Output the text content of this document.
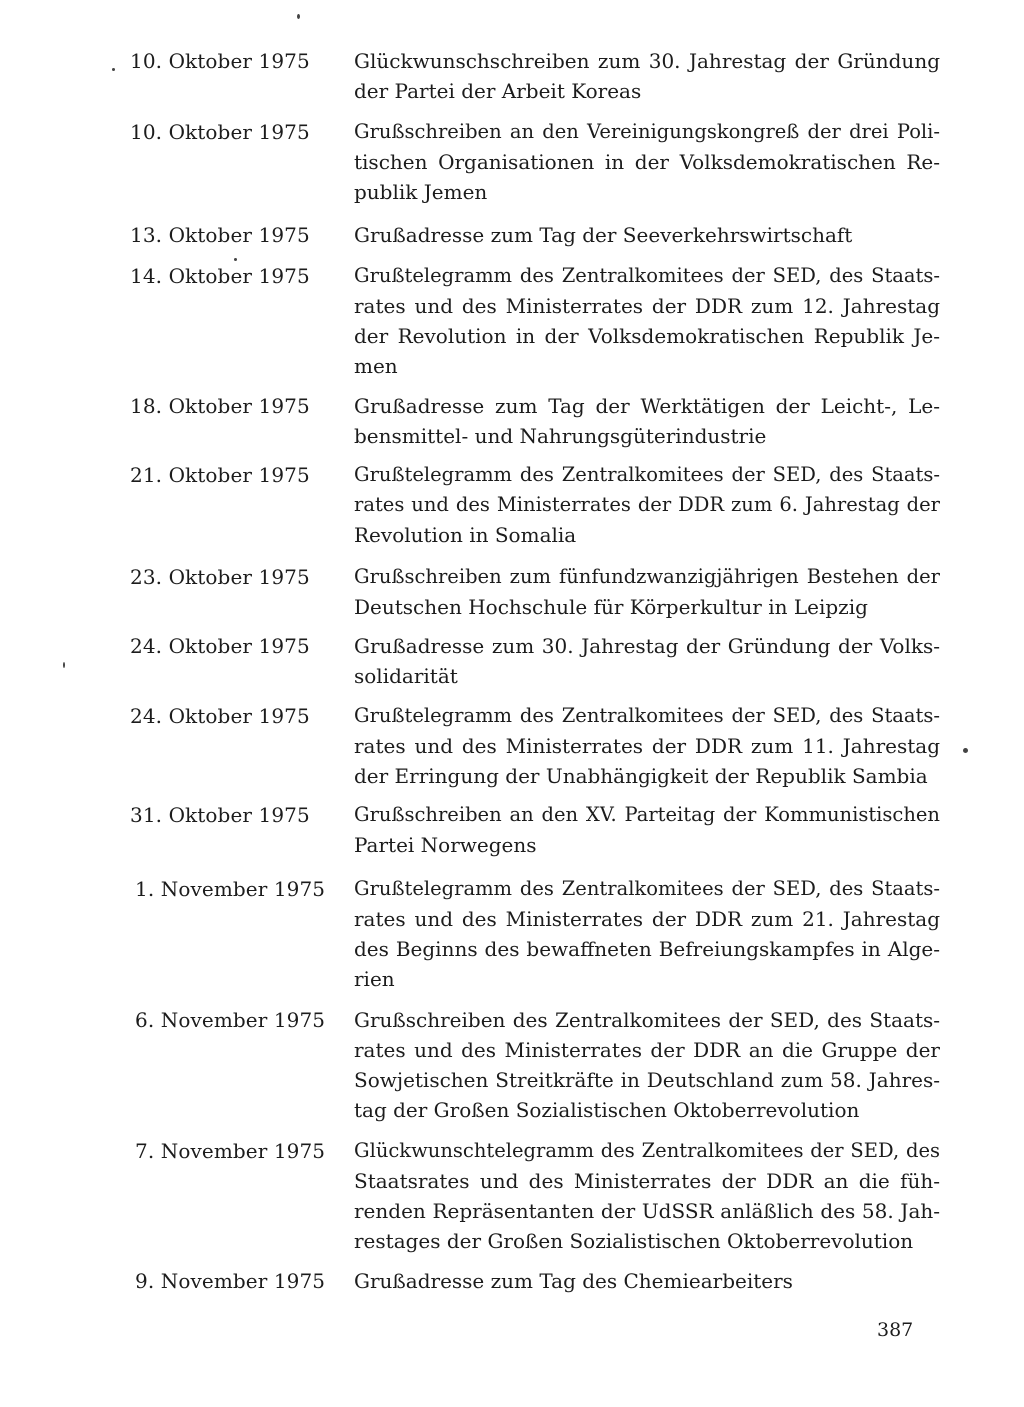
10. Oktober 1975 Glückwunschschreiben zum 30. Jahrestag der Gründung
der Partei der Arbeit Koreas
10. Oktober 1975 Grußschreiben an den Vereinigungskongreß der drei Poli-
tischen Organisationen in der Volksdemokratischen Re-
publik Jemen
13. Oktober 1975 Grußadresse zum Tag der Seeverkehrswirtschaft
14. Oktober 1975 Grußtelegramm des Zentralkomitees der SED, des Staats-
rates und des Ministerrates der DDR zum 12. Jahrestag
der Revolution in der Volksdemokratischen Republik Je-
men
18. Oktober 1975 Grußadresse zum Tag der Werktätigen der Leicht-, Le-
bensmittel- und Nahrungsgüterindustrie
21. Oktober 1975 Grußtelegramm des Zentralkomitees der SED, des Staats-
rates und des Ministerrates der DDR zum 6. Jahrestag der
Revolution in Somalia
23. Oktober 1975 Grußschreiben zum fünfundzwanzigjährigen Bestehen der
Deutschen Hochschule für Körperkultur in Leipzig
24. Oktober 1975 Grußadresse zum 30. Jahrestag der Gründung der Volks-
solidarität
24. Oktober 1975 Grußtelegramm des Zentralkomitees der SED, des Staats-
rates und des Ministerrates der DDR zum 11. Jahrestag
der Erringung der Unabhängigkeit der Republik Sambia
31. Oktober 1975 Grußschreiben an den XV. Parteitag der Kommunistischen
Partei Norwegens
1. November 1975 Grußtelegramm des Zentralkomitees der SED, des Staats-
rates und des Ministerrates der DDR zum 21. Jahrestag
des Beginns des bewaffneten Befreiungskampfes in Alge-
rien
6. November 1975 Grußschreiben des Zentralkomitees der SED, des Staats-
rates und des Ministerrates der DDR an die Gruppe der
Sowjetischen Streitkräfte in Deutschland zum 58. Jahres-
tag der Großen Sozialistischen Oktoberrevolution
7. November 1975 Glückwunschtelegramm des Zentralkomitees der SED, des
Staatsrates und des Ministerrates der DDR an die füh-
renden Repräsentanten der UdSSR anläßlich des 58. Jah-
restages der Großen Sozialistischen Oktoberrevolution
9. November 1975 Grußadresse zum Tag des Chemiearbeiters
387
